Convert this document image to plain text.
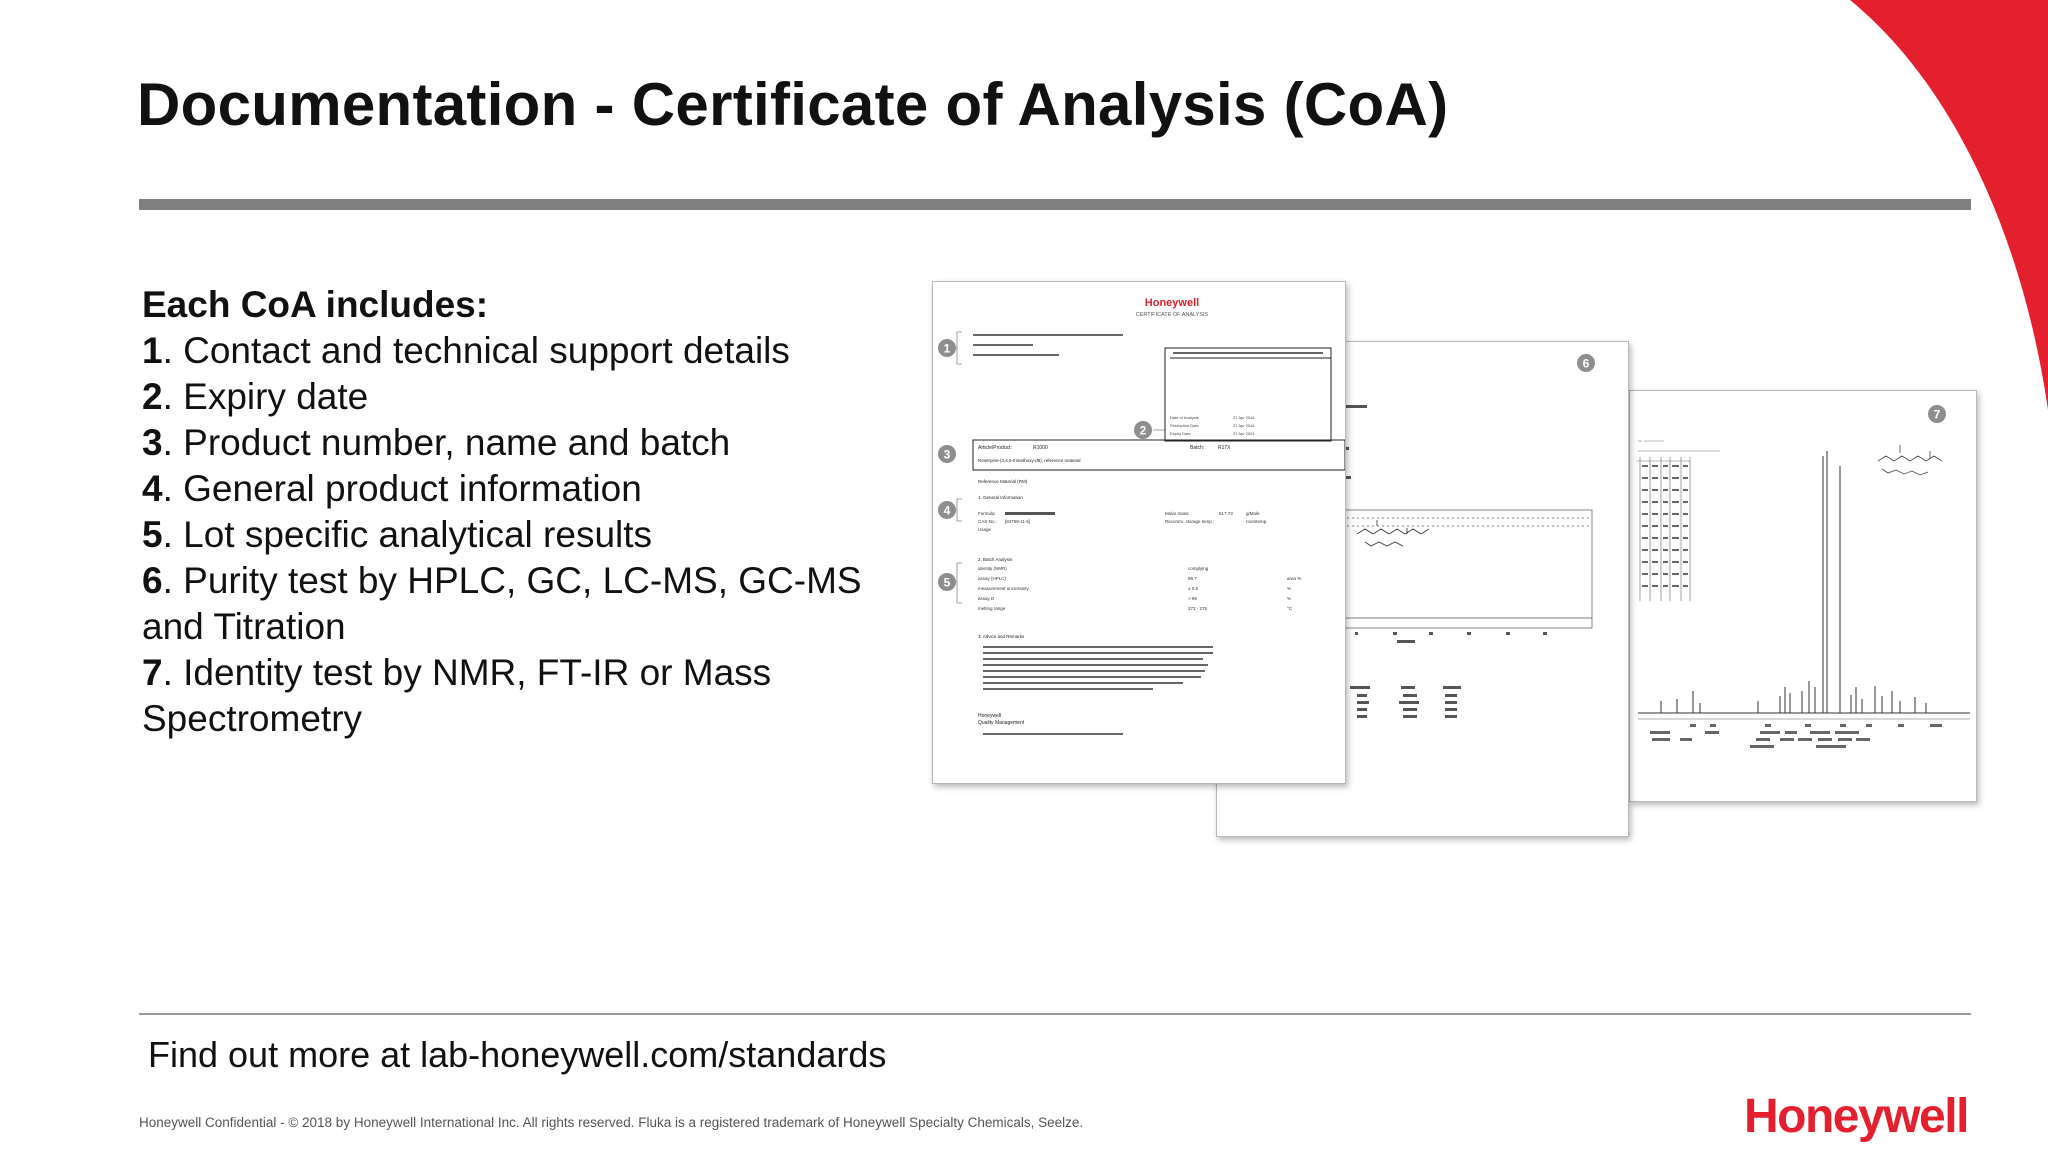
Documentation - Certificate of Analysis (CoA)
Each CoA includes:
1. Contact and technical support details
2. Expiry date
3. Product number, name and batch
4. General product information
5. Lot specific analytical results
6. Purity test by HPLC, GC, LC-MS, GC-MS and Titration
7. Identity test by NMR, FT-IR or Mass Spectrometry
7
6
Honeywell
CERTIFICATE OF ANALYSIS
1
2
3
4
5
Date of Analysis	27 Apr 2016
Production Date	27 Apr 2016
Expiry Date	27 Apr 2021
Article/Product:	R1000	Batch:	R17X
Reserpine-(3,4,5-trimethoxy-d9), reference material
Reference Material (RM)
1. General Information
Formula:
CAS-No.: [84759-11-5]
Usage
Molar mass:	617.73	g/Mole
Recomm. storage temp.:	roomtemp.
2. Batch Analysis
identity (NMR)	complying
assay (HPLC)	99.7	area %
measurement uncertainty	± 0.5	%
assay D	> 99	%
melting range	273 - 275	°C
3. Advice and Remarks
Honeywell
Quality Management
Find out more at lab-honeywell.com/standards
Honeywell Confidential - © 2018 by Honeywell International Inc. All rights reserved. Fluka is a registered trademark of Honeywell Specialty Chemicals, Seelze.	Honeywell
